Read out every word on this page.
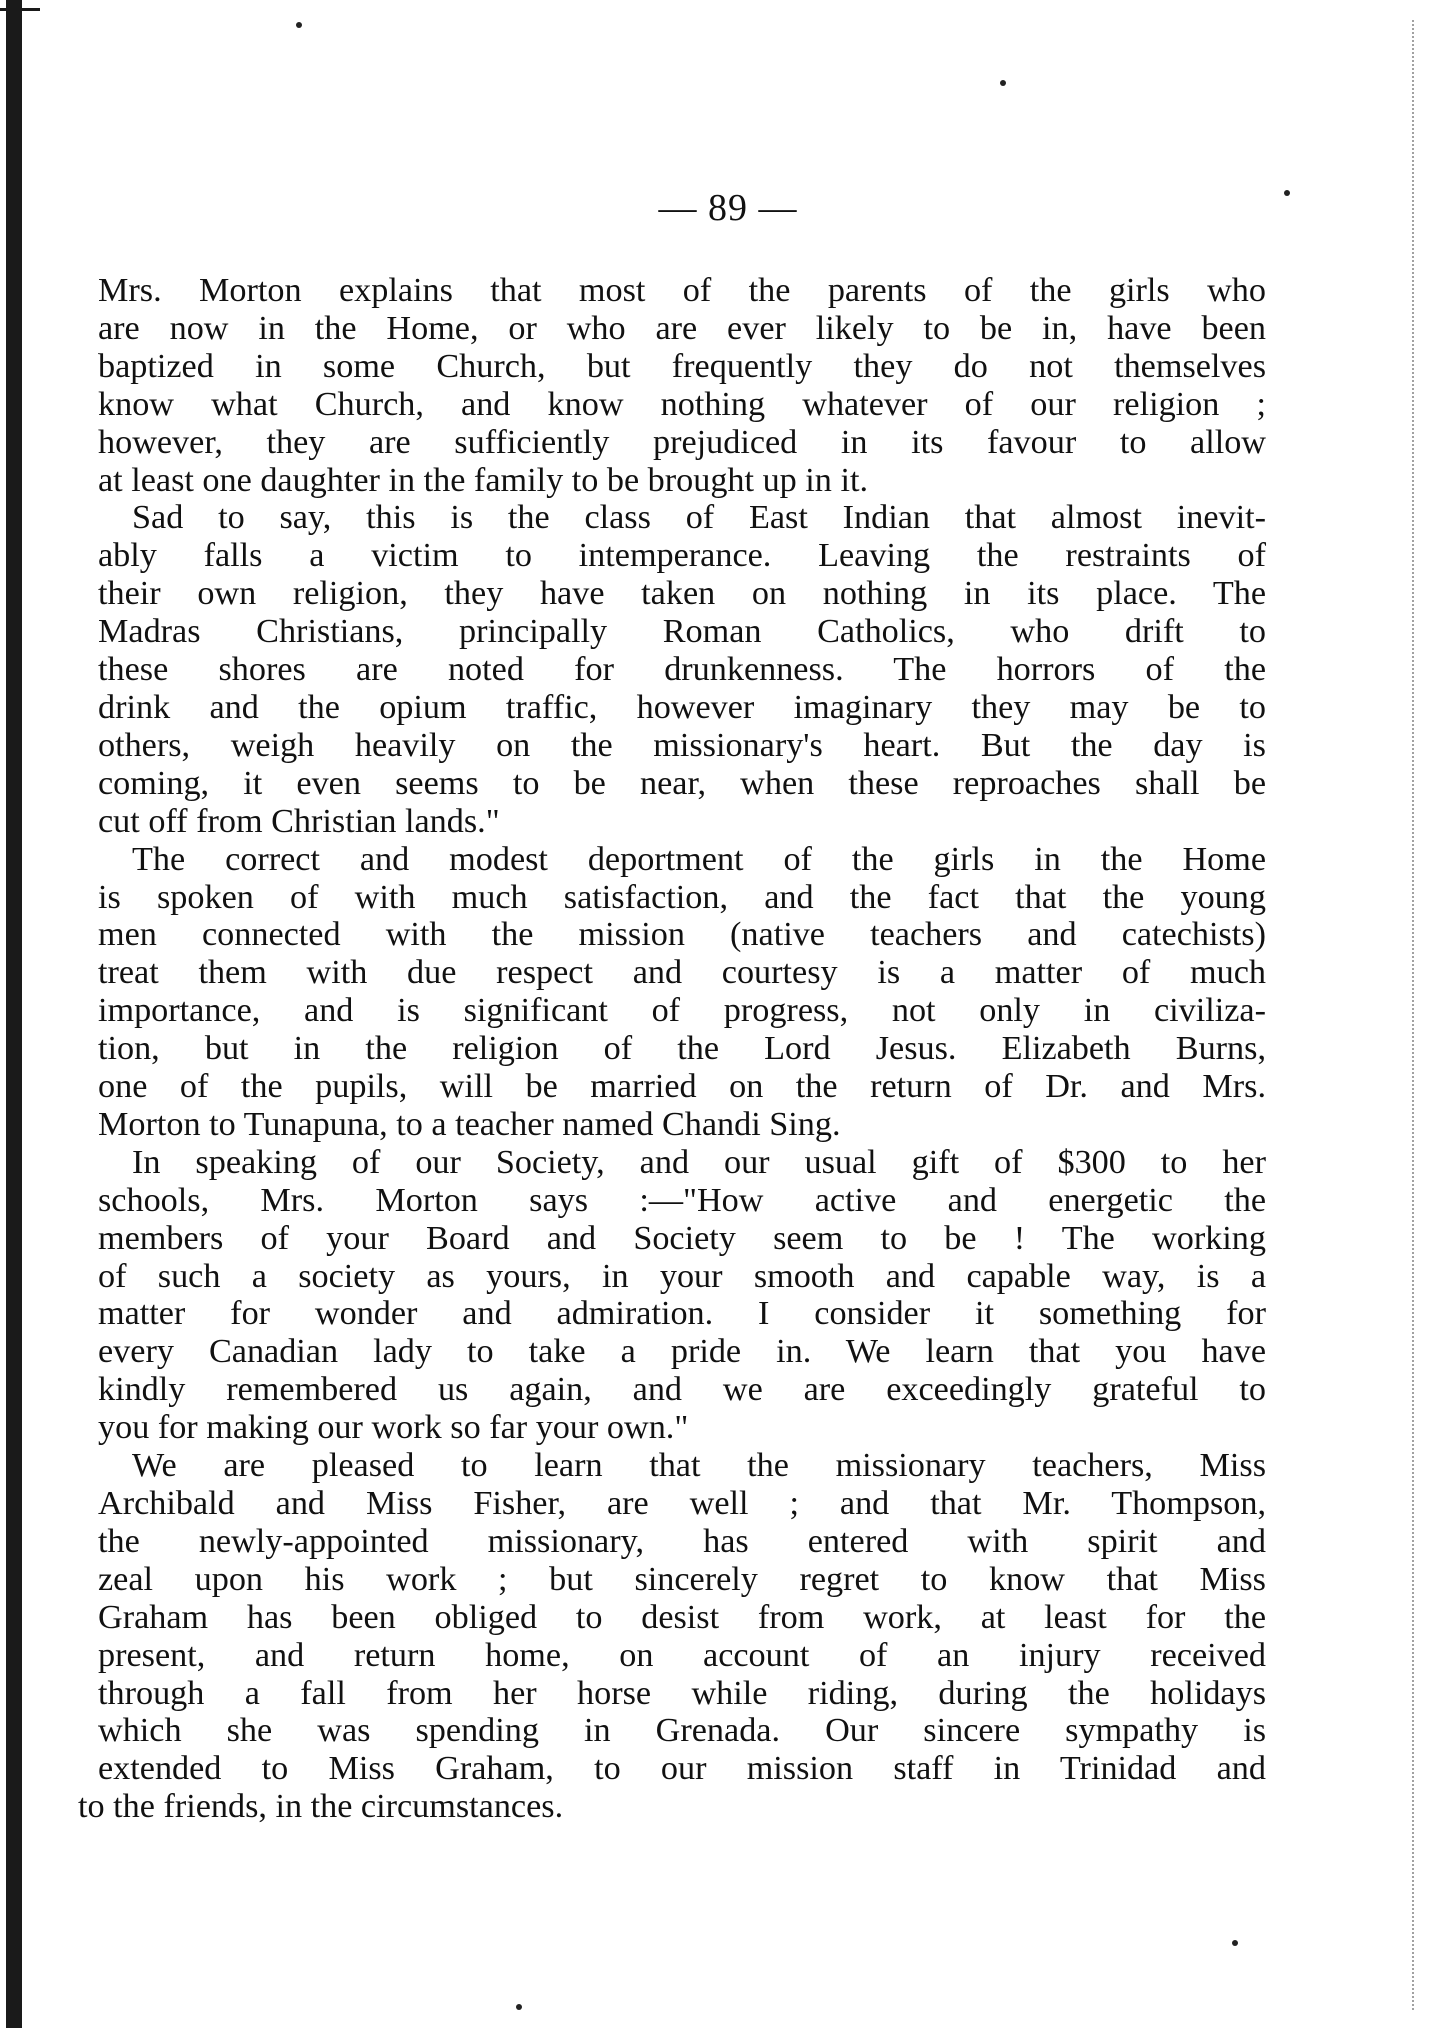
— 89 —
Mrs. Morton explains that most of the parents of the girls who
are now in the Home, or who are ever likely to be in, have been
baptized in some Church, but frequently they do not themselves
know what Church, and know nothing whatever of our religion ;
however, they are sufficiently prejudiced in its favour to allow
at least one daughter in the family to be brought up in it.
Sad to say, this is the class of East Indian that almost inevit-
ably falls a victim to intemperance. Leaving the restraints of
their own religion, they have taken on nothing in its place. The
Madras Christians, principally Roman Catholics, who drift to
these shores are noted for drunkenness. The horrors of the
drink and the opium traffic, however imaginary they may be to
others, weigh heavily on the missionary's heart. But the day is
coming, it even seems to be near, when these reproaches shall be
cut off from Christian lands."
The correct and modest deportment of the girls in the Home
is spoken of with much satisfaction, and the fact that the young
men connected with the mission (native teachers and catechists)
treat them with due respect and courtesy is a matter of much
importance, and is significant of progress, not only in civiliza-
tion, but in the religion of the Lord Jesus. Elizabeth Burns,
one of the pupils, will be married on the return of Dr. and Mrs.
Morton to Tunapuna, to a teacher named Chandi Sing.
In speaking of our Society, and our usual gift of $300 to her
schools, Mrs. Morton says :—"How active and energetic the
members of your Board and Society seem to be ! The working
of such a society as yours, in your smooth and capable way, is a
matter for wonder and admiration. I consider it something for
every Canadian lady to take a pride in. We learn that you have
kindly remembered us again, and we are exceedingly grateful to
you for making our work so far your own."
We are pleased to learn that the missionary teachers, Miss
Archibald and Miss Fisher, are well ; and that Mr. Thompson,
the newly-appointed missionary, has entered with spirit and
zeal upon his work ; but sincerely regret to know that Miss
Graham has been obliged to desist from work, at least for the
present, and return home, on account of an injury received
through a fall from her horse while riding, during the holidays
which she was spending in Grenada. Our sincere sympathy is
extended to Miss Graham, to our mission staff in Trinidad and
to the friends, in the circumstances.
